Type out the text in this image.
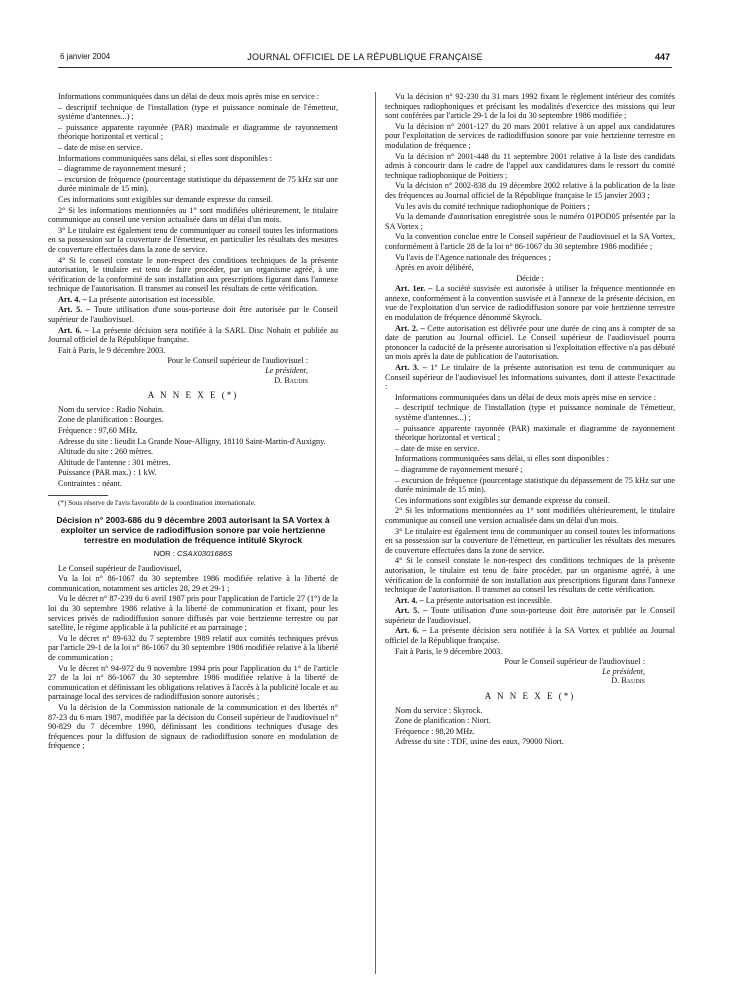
6 janvier 2004	JOURNAL OFFICIEL DE LA RÉPUBLIQUE FRANÇAISE	447

Informations communiquées dans un délai de deux mois après mise en service :

– descriptif technique de l'installation (type et puissance nominale de l'émetteur, système d'antennes...) ;

– puissance apparente rayonnée (PAR) maximale et diagramme de rayonnement théorique horizontal et vertical ;

– date de mise en service.

Informations communiquées sans délai, si elles sont disponibles :

– diagramme de rayonnement mesuré ;

– excursion de fréquence (pourcentage statistique du dépassement de 75 kHz sur une durée minimale de 15 min).

Ces informations sont exigibles sur demande expresse du conseil.

2° Si les informations mentionnées au 1° sont modifiées ultérieurement, le titulaire communique au conseil une version actualisée dans un délai d'un mois.

3° Le titulaire est également tenu de communiquer au conseil toutes les informations en sa possession sur la couverture de l'émetteur, en particulier les résultats des mesures de couverture effectuées dans la zone de service.

4° Si le conseil constate le non-respect des conditions techniques de la présente autorisation, le titulaire est tenu de faire procéder, par un organisme agréé, à une vérification de la conformité de son installation aux prescriptions figurant dans l'annexe technique de l'autorisation. Il transmet au conseil les résultats de cette vérification.

Art. 4. – La présente autorisation est incessible.

Art. 5. – Toute utilisation d'une sous-porteuse doit être autorisée par le Conseil supérieur de l'audiovisuel.

Art. 6. – La présente décision sera notifiée à la SARL Disc Nohain et publiée au Journal officiel de la République française.

Fait à Paris, le 9 décembre 2003.

Pour le Conseil supérieur de l'audiovisuel :
Le président,
D. Baudis
A N N E X E (*)

Nom du service : Radio Nohain.

Zone de planification : Bourges.

Fréquence : 97,60 MHz.

Adresse du site : lieudit La Grande Noue-Alligny, 18110 Saint-Martin-d'Auxigny.

Altitude du site : 260 mètres.

Altitude de l'antenne : 301 mètres.

Puissance (PAR max.) : 1 kW.

Contraintes : néant.

(*) Sous réserve de l'avis favorable de la coordination internationale.

Décision n° 2003-686 du 9 décembre 2003 autorisant la SA Vortex à exploiter un service de radiodiffusion sonore par voie hertzienne terrestre en modulation de fréquence intitulé Skyrock
NOR : CSAX0301686S

Le Conseil supérieur de l'audiovisuel,

Vu la loi n° 86-1067 du 30 septembre 1986 modifiée relative à la liberté de communication, notamment ses articles 28, 29 et 29-1 ;

Vu le décret n° 87-239 du 6 avril 1987 pris pour l'application de l'article 27 (1°) de la loi du 30 septembre 1986 relative à la liberté de communication et fixant, pour les services privés de radiodiffusion sonore diffusés par voie hertzienne terrestre ou par satellite, le régime applicable à la publicité et au parrainage ;

Vu le décret n° 89-632 du 7 septembre 1989 relatif aux comités techniques prévus par l'article 29-1 de la loi n° 86-1067 du 30 septembre 1986 modifiée relative à la liberté de communication ;

Vu le décret n° 94-972 du 9 novembre 1994 pris pour l'application du 1° de l'article 27 de la loi n° 86-1067 du 30 septembre 1986 modifiée relative à la liberté de communication et définissant les obligations relatives à l'accès à la publicité locale et au parrainage local des services de radiodiffusion sonore autorisés ;

Vu la décision de la Commission nationale de la communication et des libertés n° 87-23 du 6 mars 1987, modifiée par la décision du Conseil supérieur de l'audiovisuel n° 90-829 du 7 décembre 1990, définissant les conditions techniques d'usage des fréquences pour la diffusion de signaux de radiodiffusion sonore en modulation de fréquence ;

Vu la décision n° 92-230 du 31 mars 1992 fixant le règlement intérieur des comités techniques radiophoniques et précisant les modalités d'exercice des missions qui leur sont conférées par l'article 29-1 de la loi du 30 septembre 1986 modifiée ;

Vu la décision n° 2001-127 du 20 mars 2001 relative à un appel aux candidatures pour l'exploitation de services de radiodiffusion sonore par voie hertzienne terrestre en modulation de fréquence ;

Vu la décision n° 2001-448 du 11 septembre 2001 relative à la liste des candidats admis à concourir dans le cadre de l'appel aux candidatures dans le ressort du comité technique radiophonique de Poitiers ;

Vu la décision n° 2002-838 du 19 décembre 2002 relative à la publication de la liste des fréquences au Journal officiel de la République française le 15 janvier 2003 ;

Vu les avis du comité technique radiophonique de Poitiers ;

Vu la demande d'autorisation enregistrée sous le numéro 01POD05 présentée par la SA Vortex ;

Vu la convention conclue entre le Conseil supérieur de l'audiovisuel et la SA Vortex, conformément à l'article 28 de la loi n° 86-1067 du 30 septembre 1986 modifiée ;

Vu l'avis de l'Agence nationale des fréquences ;

Après en avoir délibéré,

Décide :

Art. 1er. – La société susvisée est autorisée à utiliser la fréquence mentionnée en annexe, conformément à la convention susvisée et à l'annexe de la présente décision, en vue de l'exploitation d'un service de radiodiffusion sonore par voie hertzienne terrestre en modulation de fréquence dénommé Skyrock.

Art. 2. – Cette autorisation est délivrée pour une durée de cinq ans à compter de sa date de parution au Journal officiel. Le Conseil supérieur de l'audiovisuel pourra prononcer la caducité de la présente autorisation si l'exploitation effective n'a pas débuté un mois après la date de publication de l'autorisation.

Art. 3. – 1° Le titulaire de la présente autorisation est tenu de communiquer au Conseil supérieur de l'audiovisuel les informations suivantes, dont il atteste l'exactitude :

Informations communiquées dans un délai de deux mois après mise en service :

– descriptif technique de l'installation (type et puissance nominale de l'émetteur, système d'antennes...) ;

– puissance apparente rayonnée (PAR) maximale et diagramme de rayonnement théorique horizontal et vertical ;

– date de mise en service.

Informations communiquées sans délai, si elles sont disponibles :

– diagramme de rayonnement mesuré ;

– excursion de fréquence (pourcentage statistique du dépassement de 75 kHz sur une durée minimale de 15 min).

Ces informations sont exigibles sur demande expresse du conseil.

2° Si les informations mentionnées au 1° sont modifiées ultérieurement, le titulaire communique au conseil une version actualisée dans un délai d'un mois.

3° Le titulaire est également tenu de communiquer au conseil toutes les informations en sa possession sur la couverture de l'émetteur, en particulier les résultats des mesures de couverture effectuées dans la zone de service.

4° Si le conseil constate le non-respect des conditions techniques de la présente autorisation, le titulaire est tenu de faire procéder, par un organisme agréé, à une vérification de la conformité de son installation aux prescriptions figurant dans l'annexe technique de l'autorisation. Il transmet au conseil les résultats de cette vérification.

Art. 4. – La présente autorisation est incessible.

Art. 5. – Toute utilisation d'une sous-porteuse doit être autorisée par le Conseil supérieur de l'audiovisuel.

Art. 6. – La présente décision sera notifiée à la SA Vortex et publiée au Journal officiel de la République française.

Fait à Paris, le 9 décembre 2003.

Pour le Conseil supérieur de l'audiovisuel :
Le président,
D. Baudis
A N N E X E (*)

Nom du service : Skyrock.

Zone de planification : Niort.

Fréquence : 98,20 MHz.

Adresse du site : TDF, usine des eaux, 79000 Niort.
